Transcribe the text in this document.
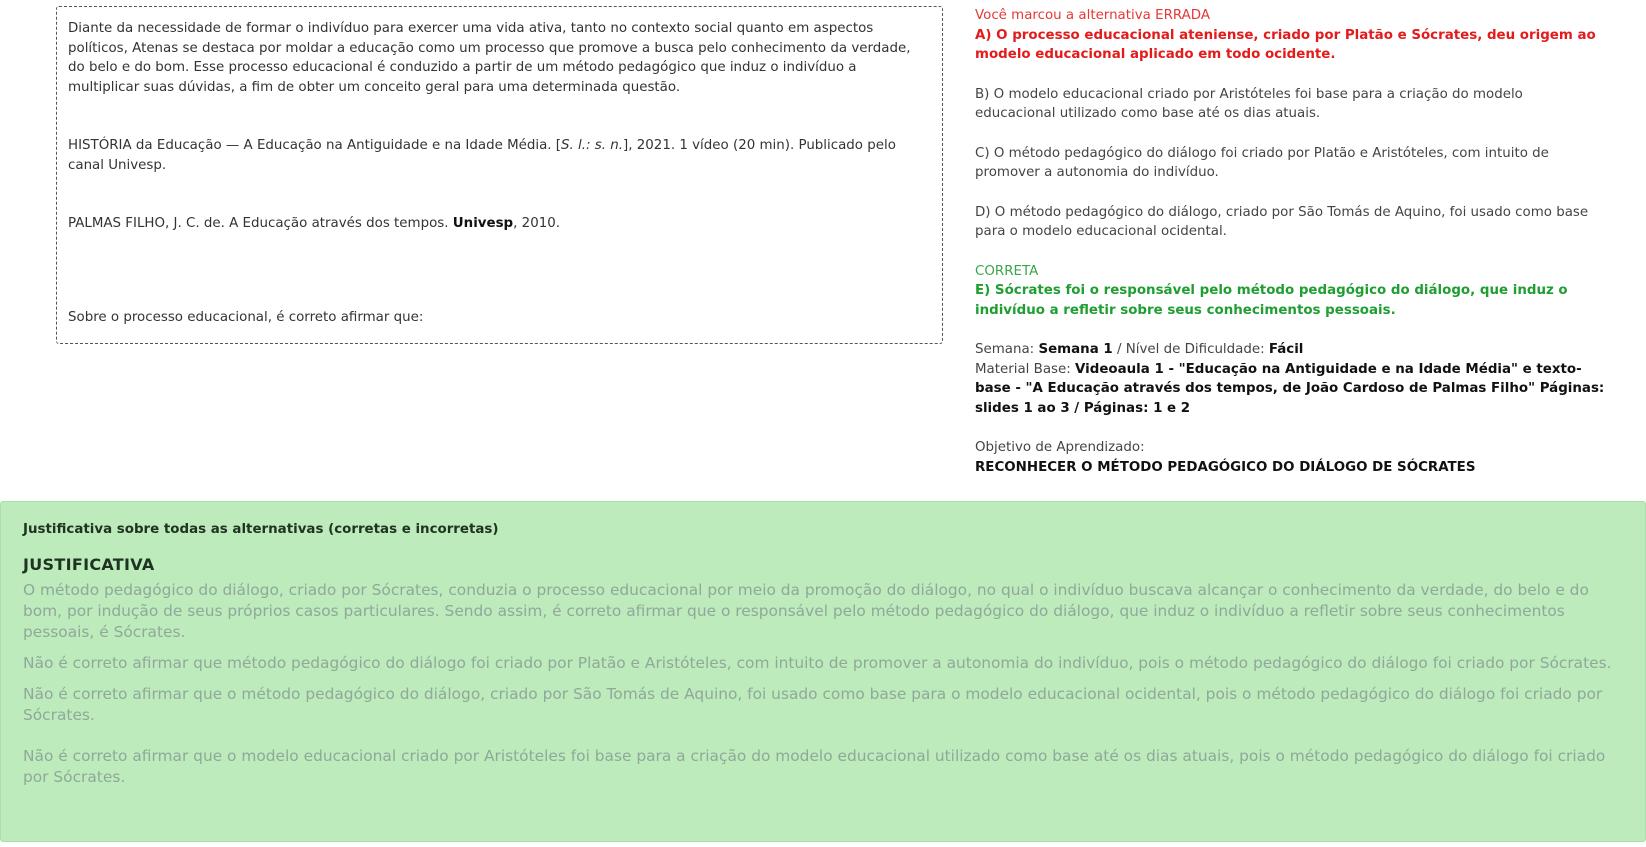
Diante da necessidade de formar o indivíduo para exercer uma vida ativa, tanto no contexto social quanto em aspectos políticos, Atenas se destaca por moldar a educação como um processo que promove a busca pelo conhecimento da verdade, do belo e do bom. Esse processo educacional é conduzido a partir de um método pedagógico que induz o indivíduo a multiplicar suas dúvidas, a fim de obter um conceito geral para uma determinada questão.

HISTÓRIA da Educação — A Educação na Antiguidade e na Idade Média. [S. l.: s. n.], 2021. 1 vídeo (20 min). Publicado pelo canal Univesp.

PALMAS FILHO, J. C. de. A Educação através dos tempos. Univesp, 2010.

Sobre o processo educacional, é correto afirmar que:

Você marcou a alternativa ERRADA
A) O processo educacional ateniense, criado por Platão e Sócrates, deu origem ao modelo educacional aplicado em todo ocidente.
B) O modelo educacional criado por Aristóteles foi base para a criação do modelo educacional utilizado como base até os dias atuais.
C) O método pedagógico do diálogo foi criado por Platão e Aristóteles, com intuito de promover a autonomia do indivíduo.
D) O método pedagógico do diálogo, criado por São Tomás de Aquino, foi usado como base para o modelo educacional ocidental.
CORRETA
E) Sócrates foi o responsável pelo método pedagógico do diálogo, que induz o indivíduo a refletir sobre seus conhecimentos pessoais.
Semana: Semana 1 / Nível de Dificuldade: Fácil
Material Base: Videoaula 1 - "Educação na Antiguidade e na Idade Média" e texto-base - "A Educação através dos tempos, de João Cardoso de Palmas Filho" Páginas: slides 1 ao 3 / Páginas: 1 e 2
Objetivo de Aprendizado:
RECONHECER O MÉTODO PEDAGÓGICO DO DIÁLOGO DE SÓCRATES
Justificativa sobre todas as alternativas (corretas e incorretas)
JUSTIFICATIVA

O método pedagógico do diálogo, criado por Sócrates, conduzia o processo educacional por meio da promoção do diálogo, no qual o indivíduo buscava alcançar o conhecimento da verdade, do belo e do bom, por indução de seus próprios casos particulares. Sendo assim, é correto afirmar que o responsável pelo método pedagógico do diálogo, que induz o indivíduo a refletir sobre seus conhecimentos pessoais, é Sócrates.

Não é correto afirmar que método pedagógico do diálogo foi criado por Platão e Aristóteles, com intuito de promover a autonomia do indivíduo, pois o método pedagógico do diálogo foi criado por Sócrates.

Não é correto afirmar que o método pedagógico do diálogo, criado por São Tomás de Aquino, foi usado como base para o modelo educacional ocidental, pois o método pedagógico do diálogo foi criado por Sócrates.

Não é correto afirmar que o modelo educacional criado por Aristóteles foi base para a criação do modelo educacional utilizado como base até os dias atuais, pois o método pedagógico do diálogo foi criado por Sócrates.
